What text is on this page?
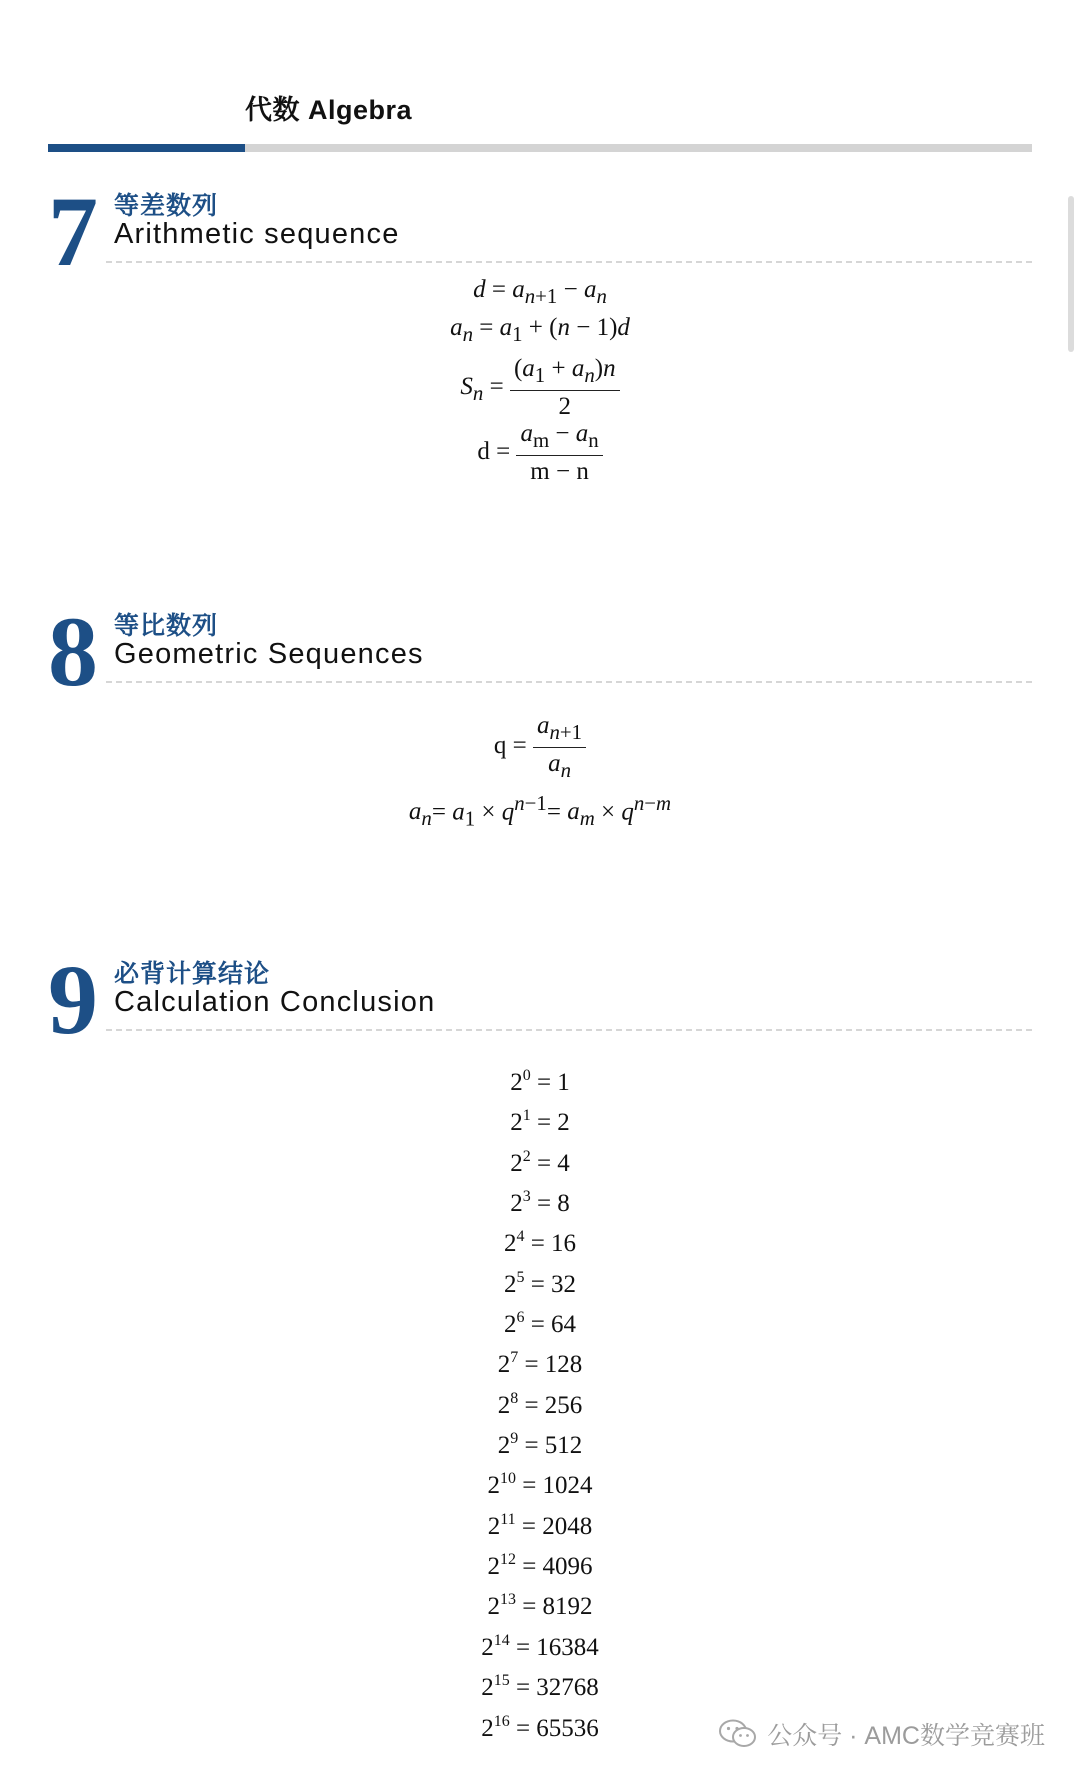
代数 Algebra
7 等差数列
Arithmetic sequence
$d = a_{n+1} - a_n$
$a_n = a_1 + (n - 1)d$
$S_n = \frac{(a_1 + a_n)n}{2}$
$d = \frac{a_m - a_n}{m - n}$
8 等比数列
Geometric Sequences
$q = \frac{a_{n+1}}{a_n}$
$a_n= a_1 \times q^{n-1}= a_m \times q^{n-m}$
9 必背计算结论
Calculation Conclusion
$2^0 = 1$
$2^1 = 2$
$2^2 = 4$
$2^3 = 8$
$2^4 = 16$
$2^5 = 32$
$2^6 = 64$
$2^7 = 128$
$2^8 = 256$
$2^9 = 512$
$2^{10} = 1024$
$2^{11} = 2048$
$2^{12} = 4096$
$2^{13} = 8192$
$2^{14} = 16384$
$2^{15} = 32768$
$2^{16} = 65536$	公众号 · AMC数学竞赛班
